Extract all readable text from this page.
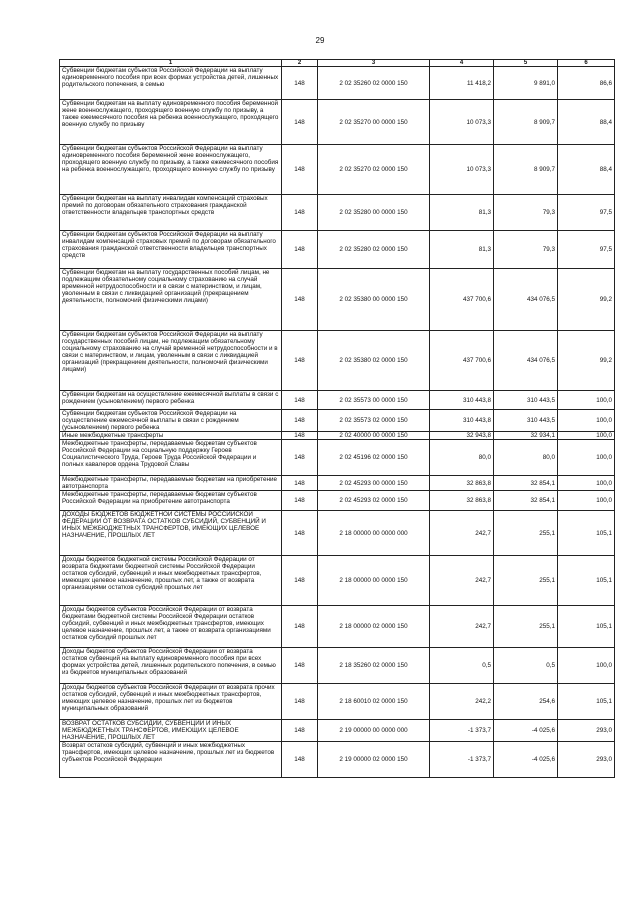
29
1	2	3	4	5	6
Субвенции бюджетам субъектов Российской Федерации на выплату единовременного пособия при всех формах устройства детей, лишенных родительского попечения, в семью	148	2 02 35260 02 0000 150	11 418,2	9 891,0	86,6
Субвенции бюджетам на выплату единовременного пособия беременной жене военнослужащего, проходящего военную службу по призыву, а также ежемесячного пособия на ребенка военнослужащего, проходящего военную службу по призыву	148	2 02 35270 00 0000 150	10 073,3	8 909,7	88,4
Субвенции бюджетам субъектов Российской Федерации на выплату единовременного пособия беременной жене военнослужащего, проходящего военную службу по призыву, а также ежемесячного пособия на ребенка военнослужащего, проходящего военную службу по призыву	148	2 02 35270 02 0000 150	10 073,3	8 909,7	88,4
Субвенции бюджетам на выплату инвалидам компенсаций страховых премий по договорам обязательного страхования гражданской ответственности владельцев транспортных средств	148	2 02 35280 00 0000 150	81,3	79,3	97,5
Субвенции бюджетам субъектов Российской Федерации на выплату инвалидам компенсаций страховых премий по договорам обязательного страхования гражданской ответственности владельцев транспортных средств	148	2 02 35280 02 0000 150	81,3	79,3	97,5
Субвенции бюджетам на выплату государственных пособий лицам, не подлежащим обязательному социальному страхованию на случай временной нетрудоспособности и в связи с материнством, и лицам, уволенным в связи с ликвидацией организаций (прекращением деятельности, полномочий физическими лицами)	148	2 02 35380 00 0000 150	437 700,6	434 076,5	99,2
Субвенции бюджетам субъектов Российской Федерации на выплату государственных пособий лицам, не подлежащим обязательному социальному страхованию на случай временной нетрудоспособности и в связи с материнством, и лицам, уволенным в связи с ликвидацией организаций (прекращением деятельности, полномочий физическими лицами)	148	2 02 35380 02 0000 150	437 700,6	434 076,5	99,2
Субвенции бюджетам на осуществление ежемесячной выплаты в связи с рождением (усыновлением) первого ребенка	148	2 02 35573 00 0000 150	310 443,8	310 443,5	100,0
Субвенции бюджетам субъектов Российской Федерации на осуществление ежемесячной выплаты в связи с рождением (усыновлением) первого ребенка	148	2 02 35573 02 0000 150	310 443,8	310 443,5	100,0
Иные межбюджетные трансферты	148	2 02 40000 00 0000 150	32 943,8	32 934,1	100,0
Межбюджетные трансферты, передаваемые бюджетам субъектов Российской Федерации на социальную поддержку Героев Социалистического Труда, Героев Труда Российской Федерации и полных кавалеров ордена Трудовой Славы	148	2 02 45196 02 0000 150	80,0	80,0	100,0
Межбюджетные трансферты, передаваемые бюджетам на приобретение автотранспорта	148	2 02 45293 00 0000 150	32 863,8	32 854,1	100,0
Межбюджетные трансферты, передаваемые бюджетам субъектов Российской Федерации на приобретение автотранспорта	148	2 02 45293 02 0000 150	32 863,8	32 854,1	100,0
ДОХОДЫ БЮДЖЕТОВ БЮДЖЕТНОЙ СИСТЕМЫ РОССИЙСКОЙ ФЕДЕРАЦИИ ОТ ВОЗВРАТА ОСТАТКОВ СУБСИДИЙ, СУБВЕНЦИЙ И ИНЫХ МЕЖБЮДЖЕТНЫХ ТРАНСФЕРТОВ, ИМЕЮЩИХ ЦЕЛЕВОЕ НАЗНАЧЕНИЕ, ПРОШЛЫХ ЛЕТ	148	2 18 00000 00 0000 000	242,7	255,1	105,1
Доходы бюджетов бюджетной системы Российской Федерации от возврата бюджетами бюджетной системы Российской Федерации остатков субсидий, субвенций и иных межбюджетных трансфертов, имеющих целевое назначение, прошлых лет, а также от возврата организациями остатков субсидий прошлых лет	148	2 18 00000 00 0000 150	242,7	255,1	105,1
Доходы бюджетов субъектов Российской Федерации от возврата бюджетами бюджетной системы Российской Федерации остатков субсидий, субвенций и иных межбюджетных трансфертов, имеющих целевое назначение, прошлых лет, а также от возврата организациями остатков субсидий прошлых лет	148	2 18 00000 02 0000 150	242,7	255,1	105,1
Доходы бюджетов субъектов Российской Федерации от возврата остатков субвенций на выплату единовременного пособия при всех формах устройства детей, лишенных родительского попечения, в семью из бюджетов муниципальных образований	148	2 18 35260 02 0000 150	0,5	0,5	100,0
Доходы бюджетов субъектов Российской Федерации от возврата прочих остатков субсидий, субвенций и иных межбюджетных трансфертов, имеющих целевое назначение, прошлых лет из бюджетов муниципальных образований	148	2 18 60010 02 0000 150	242,2	254,6	105,1
ВОЗВРАТ ОСТАТКОВ СУБСИДИЙ, СУБВЕНЦИЙ И ИНЫХ МЕЖБЮДЖЕТНЫХ ТРАНСФЕРТОВ, ИМЕЮЩИХ ЦЕЛЕВОЕ НАЗНАЧЕНИЕ, ПРОШЛЫХ ЛЕТ	148	2 19 00000 00 0000 000	-1 373,7	-4 025,6	293,0
Возврат остатков субсидий, субвенций и иных межбюджетных трансфертов, имеющих целевое назначение, прошлых лет из бюджетов субъектов Российской Федерации	148	2 19 00000 02 0000 150	-1 373,7	-4 025,6	293,0
